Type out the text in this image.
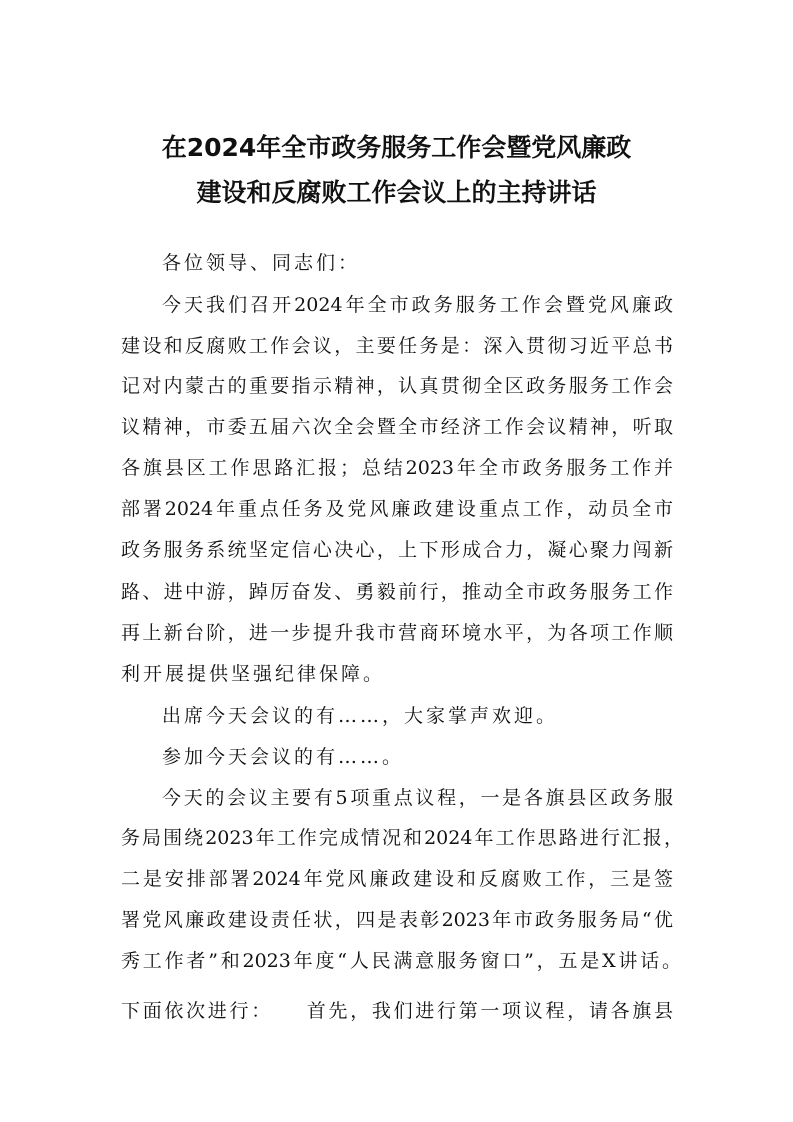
在2024年全市政务服务工作会暨党风廉政
建设和反腐败工作会议上的主持讲话
各位领导、同志们：
今天我们召开2024年全市政务服务工作会暨党风廉政
建设和反腐败工作会议，主要任务是：深入贯彻习近平总书
记对内蒙古的重要指示精神，认真贯彻全区政务服务工作会
议精神，市委五届六次全会暨全市经济工作会议精神，听取
各旗县区工作思路汇报；总结2023年全市政务服务工作并
部署2024年重点任务及党风廉政建设重点工作，动员全市
政务服务系统坚定信心决心，上下形成合力，凝心聚力闯新
路、进中游，踔厉奋发、勇毅前行，推动全市政务服务工作
再上新台阶，进一步提升我市营商环境水平，为各项工作顺
利开展提供坚强纪律保障。
出席今天会议的有……，大家掌声欢迎。
参加今天会议的有……。
今天的会议主要有5项重点议程，一是各旗县区政务服
务局围绕2023年工作完成情况和2024年工作思路进行汇报，
二是安排部署2024年党风廉政建设和反腐败工作，三是签
署党风廉政建设责任状，四是表彰2023年市政务服务局“优
秀工作者”和2023年度“人民满意服务窗口”，五是X讲话。
下面依次进行：　　首先，我们进行第一项议程，请各旗县
